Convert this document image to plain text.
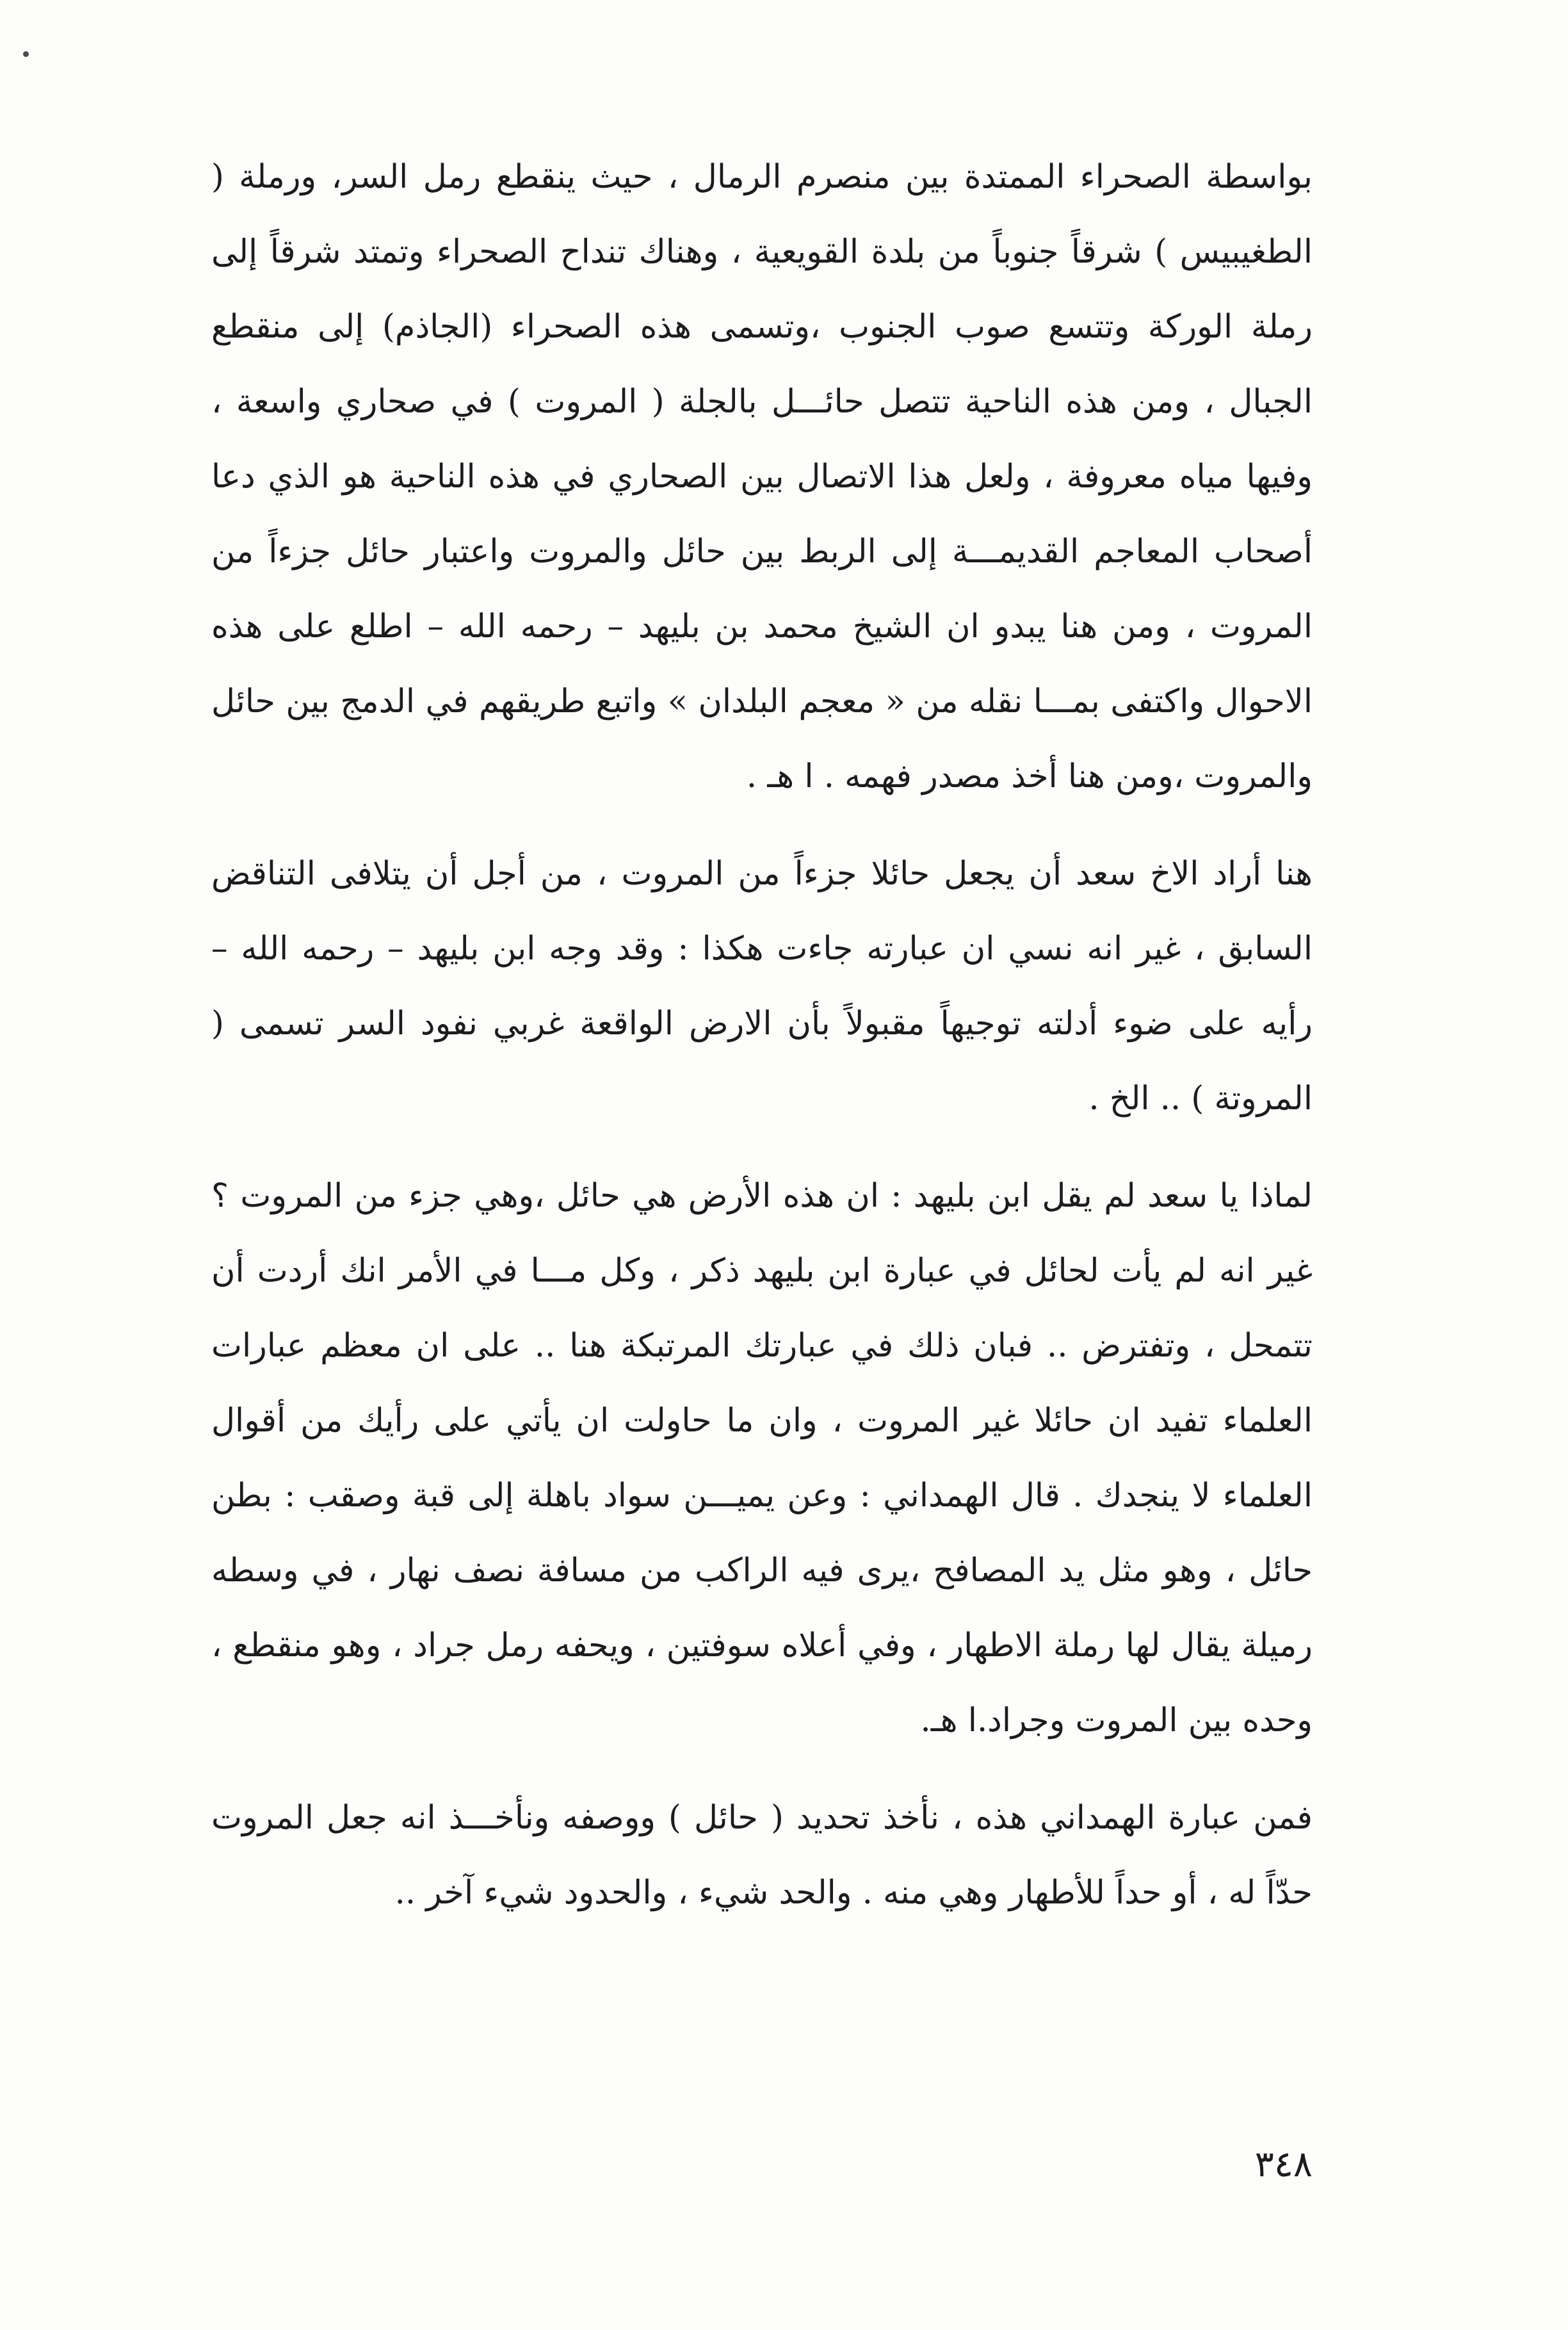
بواسطة الصحراء الممتدة بين منصرم الرمال ، حيث ينقطع رمل السر، ورملة ( الطغيبيس ) شرقاً جنوباً من بلدة القويعية ، وهناك تنداح الصحراء وتمتد شرقاً إلى رملة الوركة وتتسع صوب الجنوب ،وتسمى هذه الصحراء (الجاذم) إلى منقطع الجبال ، ومن هذه الناحية تتصل حائـــل بالجلة ( المروت ) في صحاري واسعة ، وفيها مياه معروفة ، ولعل هذا الاتصال بين الصحاري في هذه الناحية هو الذي دعا أصحاب المعاجم القديمـــة إلى الربط بين حائل والمروت واعتبار حائل جزءاً من المروت ، ومن هنا يبدو ان الشيخ محمد بن بليهد – رحمه الله – اطلع على هذه الاحوال واكتفى بمـــا نقله من « معجم البلدان » واتبع طريقهم في الدمج بين حائل والمروت ،ومن هنا أخذ مصدر فهمه . ا هـ .

هنا أراد الاخ سعد أن يجعل حائلا جزءاً من المروت ، من أجل أن يتلافى التناقض السابق ، غير انه نسي ان عبارته جاءت هكذا : وقد وجه ابن بليهد – رحمه الله – رأيه على ضوء أدلته توجيهاً مقبولاً بأن الارض الواقعة غربي نفود السر تسمى ( المروتة ) .. الخ .

لماذا يا سعد لم يقل ابن بليهد : ان هذه الأرض هي حائل ،وهي جزء من المروت ؟ غير انه لم يأت لحائل في عبارة ابن بليهد ذكر ، وكل مـــا في الأمر انك أردت أن تتمحل ، وتفترض .. فبان ذلك في عبارتك المرتبكة هنا .. على ان معظم عبارات العلماء تفيد ان حائلا غير المروت ، وان ما حاولت ان يأتي على رأيك من أقوال العلماء لا ينجدك . قال الهمداني : وعن يميـــن سواد باهلة إلى قبة وصقب : بطن حائل ، وهو مثل يد المصافح ،يرى فيه الراكب من مسافة نصف نهار ، في وسطه رميلة يقال لها رملة الاطهار ، وفي أعلاه سوفتين ، ويحفه رمل جراد ، وهو منقطع ، وحده بين المروت وجراد.ا هـ.

فمن عبارة الهمداني هذه ، نأخذ تحديد ( حائل ) ووصفه ونأخـــذ انه جعل المروت حدّاً له ، أو حداً للأطهار وهي منه . والحد شيء ، والحدود شيء آخر ..

٣٤٨
